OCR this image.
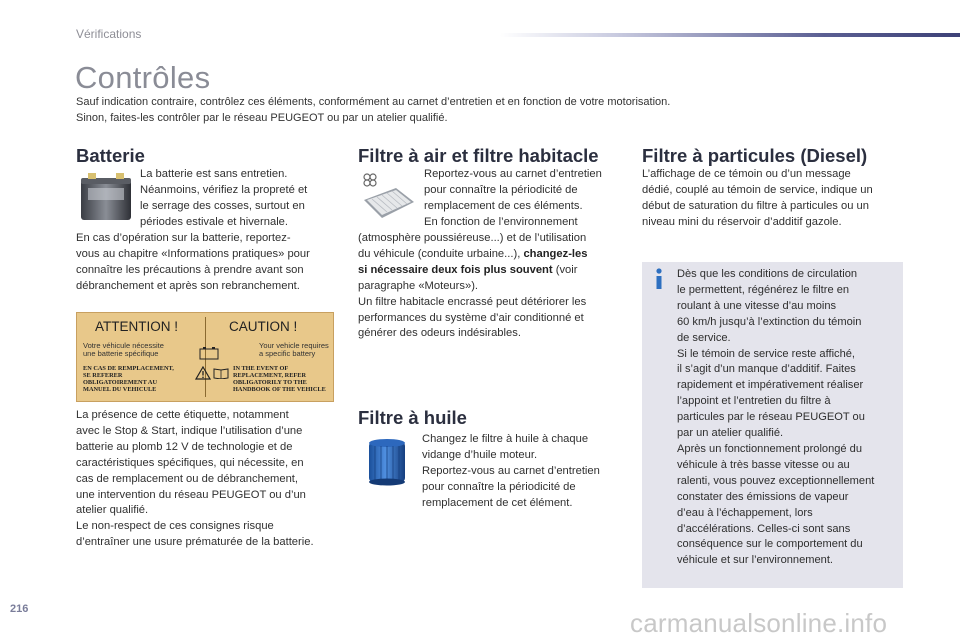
Vérifications
Contrôles
Sauf indication contraire, contrôlez ces éléments, conformément au carnet d’entretien et en fonction de votre motorisation.
Sinon, faites-les contrôler par le réseau PEUGEOT ou par un atelier qualifié.
Batterie
La batterie est sans entretien.
Néanmoins, vérifiez la propreté et
le serrage des cosses, surtout en
périodes estivale et hivernale.
En cas d’opération sur la batterie, reportez-
vous au chapitre «Informations pratiques» pour
connaître les précautions à prendre avant son
débranchement et après son rebranchement.
ATTENTION !	CAUTION !
Votre véhicule nécessite
une batterie spécifique
Your vehicle requires
a specific battery
EN CAS DE REMPLACEMENT,
SE REFERER
OBLIGATOIREMENT AU
MANUEL DU VEHICULE
IN THE EVENT OF
REPLACEMENT, REFER
OBLIGATORILY TO THE
HANDBOOK OF THE VEHICLE
La présence de cette étiquette, notamment
avec le Stop & Start, indique l’utilisation d’une
batterie au plomb 12 V de technologie et de
caractéristiques spécifiques, qui nécessite, en
cas de remplacement ou de débranchement,
une intervention du réseau PEUGEOT ou d’un
atelier qualifié.
Le non-respect de ces consignes risque
d’entraîner une usure prématurée de la batterie.
Filtre à air et filtre habitacle
Reportez-vous au carnet d’entretien
pour connaître la périodicité de
remplacement de ces éléments.
En fonction de l’environnement
(atmosphère poussiéreuse...) et de l’utilisation
du véhicule (conduite urbaine...), changez-les
si nécessaire deux fois plus souvent (voir
paragraphe «Moteurs»).
Un filtre habitacle encrassé peut détériorer les
performances du système d’air conditionné et
générer des odeurs indésirables.
Filtre à huile
Changez le filtre à huile à chaque
vidange d’huile moteur.
Reportez-vous au carnet d’entretien
pour connaître la périodicité de
remplacement de cet élément.
Filtre à particules (Diesel)
L’affichage de ce témoin ou d’un message
dédié, couplé au témoin de service, indique un
début de saturation du filtre à particules ou un
niveau mini du réservoir d’additif gazole.
Dès que les conditions de circulation
le permettent, régénérez le filtre en
roulant à une vitesse d’au moins
60 km/h jusqu’à l’extinction du témoin
de service.
Si le témoin de service reste affiché,
il s’agit d’un manque d’additif. Faites
rapidement et impérativement réaliser
l’appoint et l’entretien du filtre à
particules par le réseau PEUGEOT ou
par un atelier qualifié.
Après un fonctionnement prolongé du
véhicule à très basse vitesse ou au
ralenti, vous pouvez exceptionnellement
constater des émissions de vapeur
d’eau à l’échappement, lors
d’accélérations. Celles-ci sont sans
conséquence sur le comportement du
véhicule et sur l’environnement.
216	carmanualsonline.info
